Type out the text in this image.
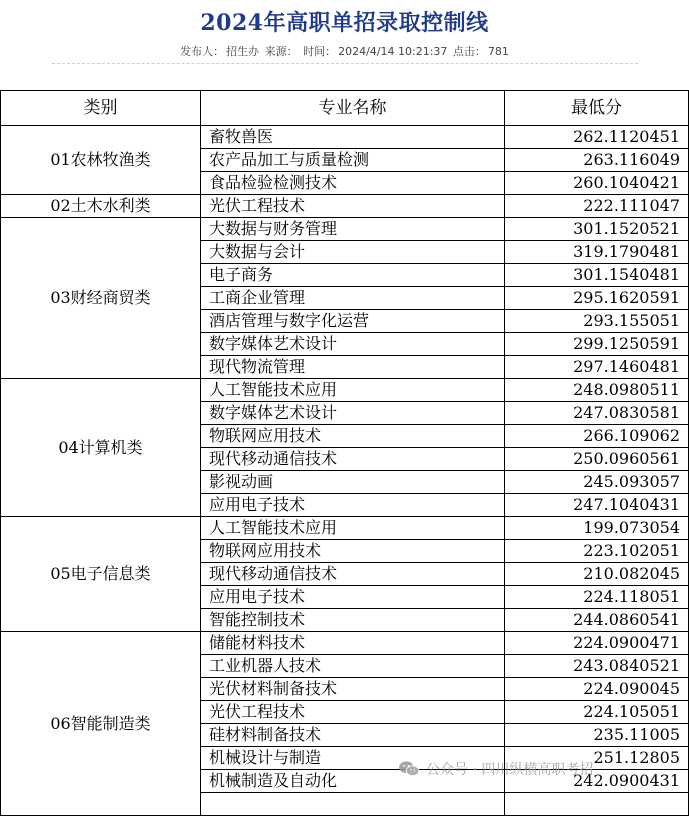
2024年高职单招录取控制线
发布人： 招生办 来源： 时间： 2024/4/14 10:21:37 点击： 781
类别	专业名称	最低分
01农林牧渔类	畜牧兽医	262.1120451
	农产品加工与质量检测	263.116049
	食品检验检测技术	260.1040421
02土木水利类	光伏工程技术	222.111047
03财经商贸类	大数据与财务管理	301.1520521
	大数据与会计	319.1790481
	电子商务	301.1540481
	工商企业管理	295.1620591
	酒店管理与数字化运营	293.155051
	数字媒体艺术设计	299.1250591
	现代物流管理	297.1460481
04计算机类	人工智能技术应用	248.0980511
	数字媒体艺术设计	247.0830581
	物联网应用技术	266.109062
	现代移动通信技术	250.0960561
	影视动画	245.093057
	应用电子技术	247.1040431
05电子信息类	人工智能技术应用	199.073054
	物联网应用技术	223.102051
	现代移动通信技术	210.082045
	应用电子技术	224.118051
	智能控制技术	244.0860541
06智能制造类	储能材料技术	224.0900471
	工业机器人技术	243.0840521
	光伏材料制备技术	224.090045
	光伏工程技术	224.105051
	硅材料制备技术	235.11005
	机械设计与制造	251.12805
	机械制造及自动化	242.0900431

公众号 · 四川纵横高职考招
